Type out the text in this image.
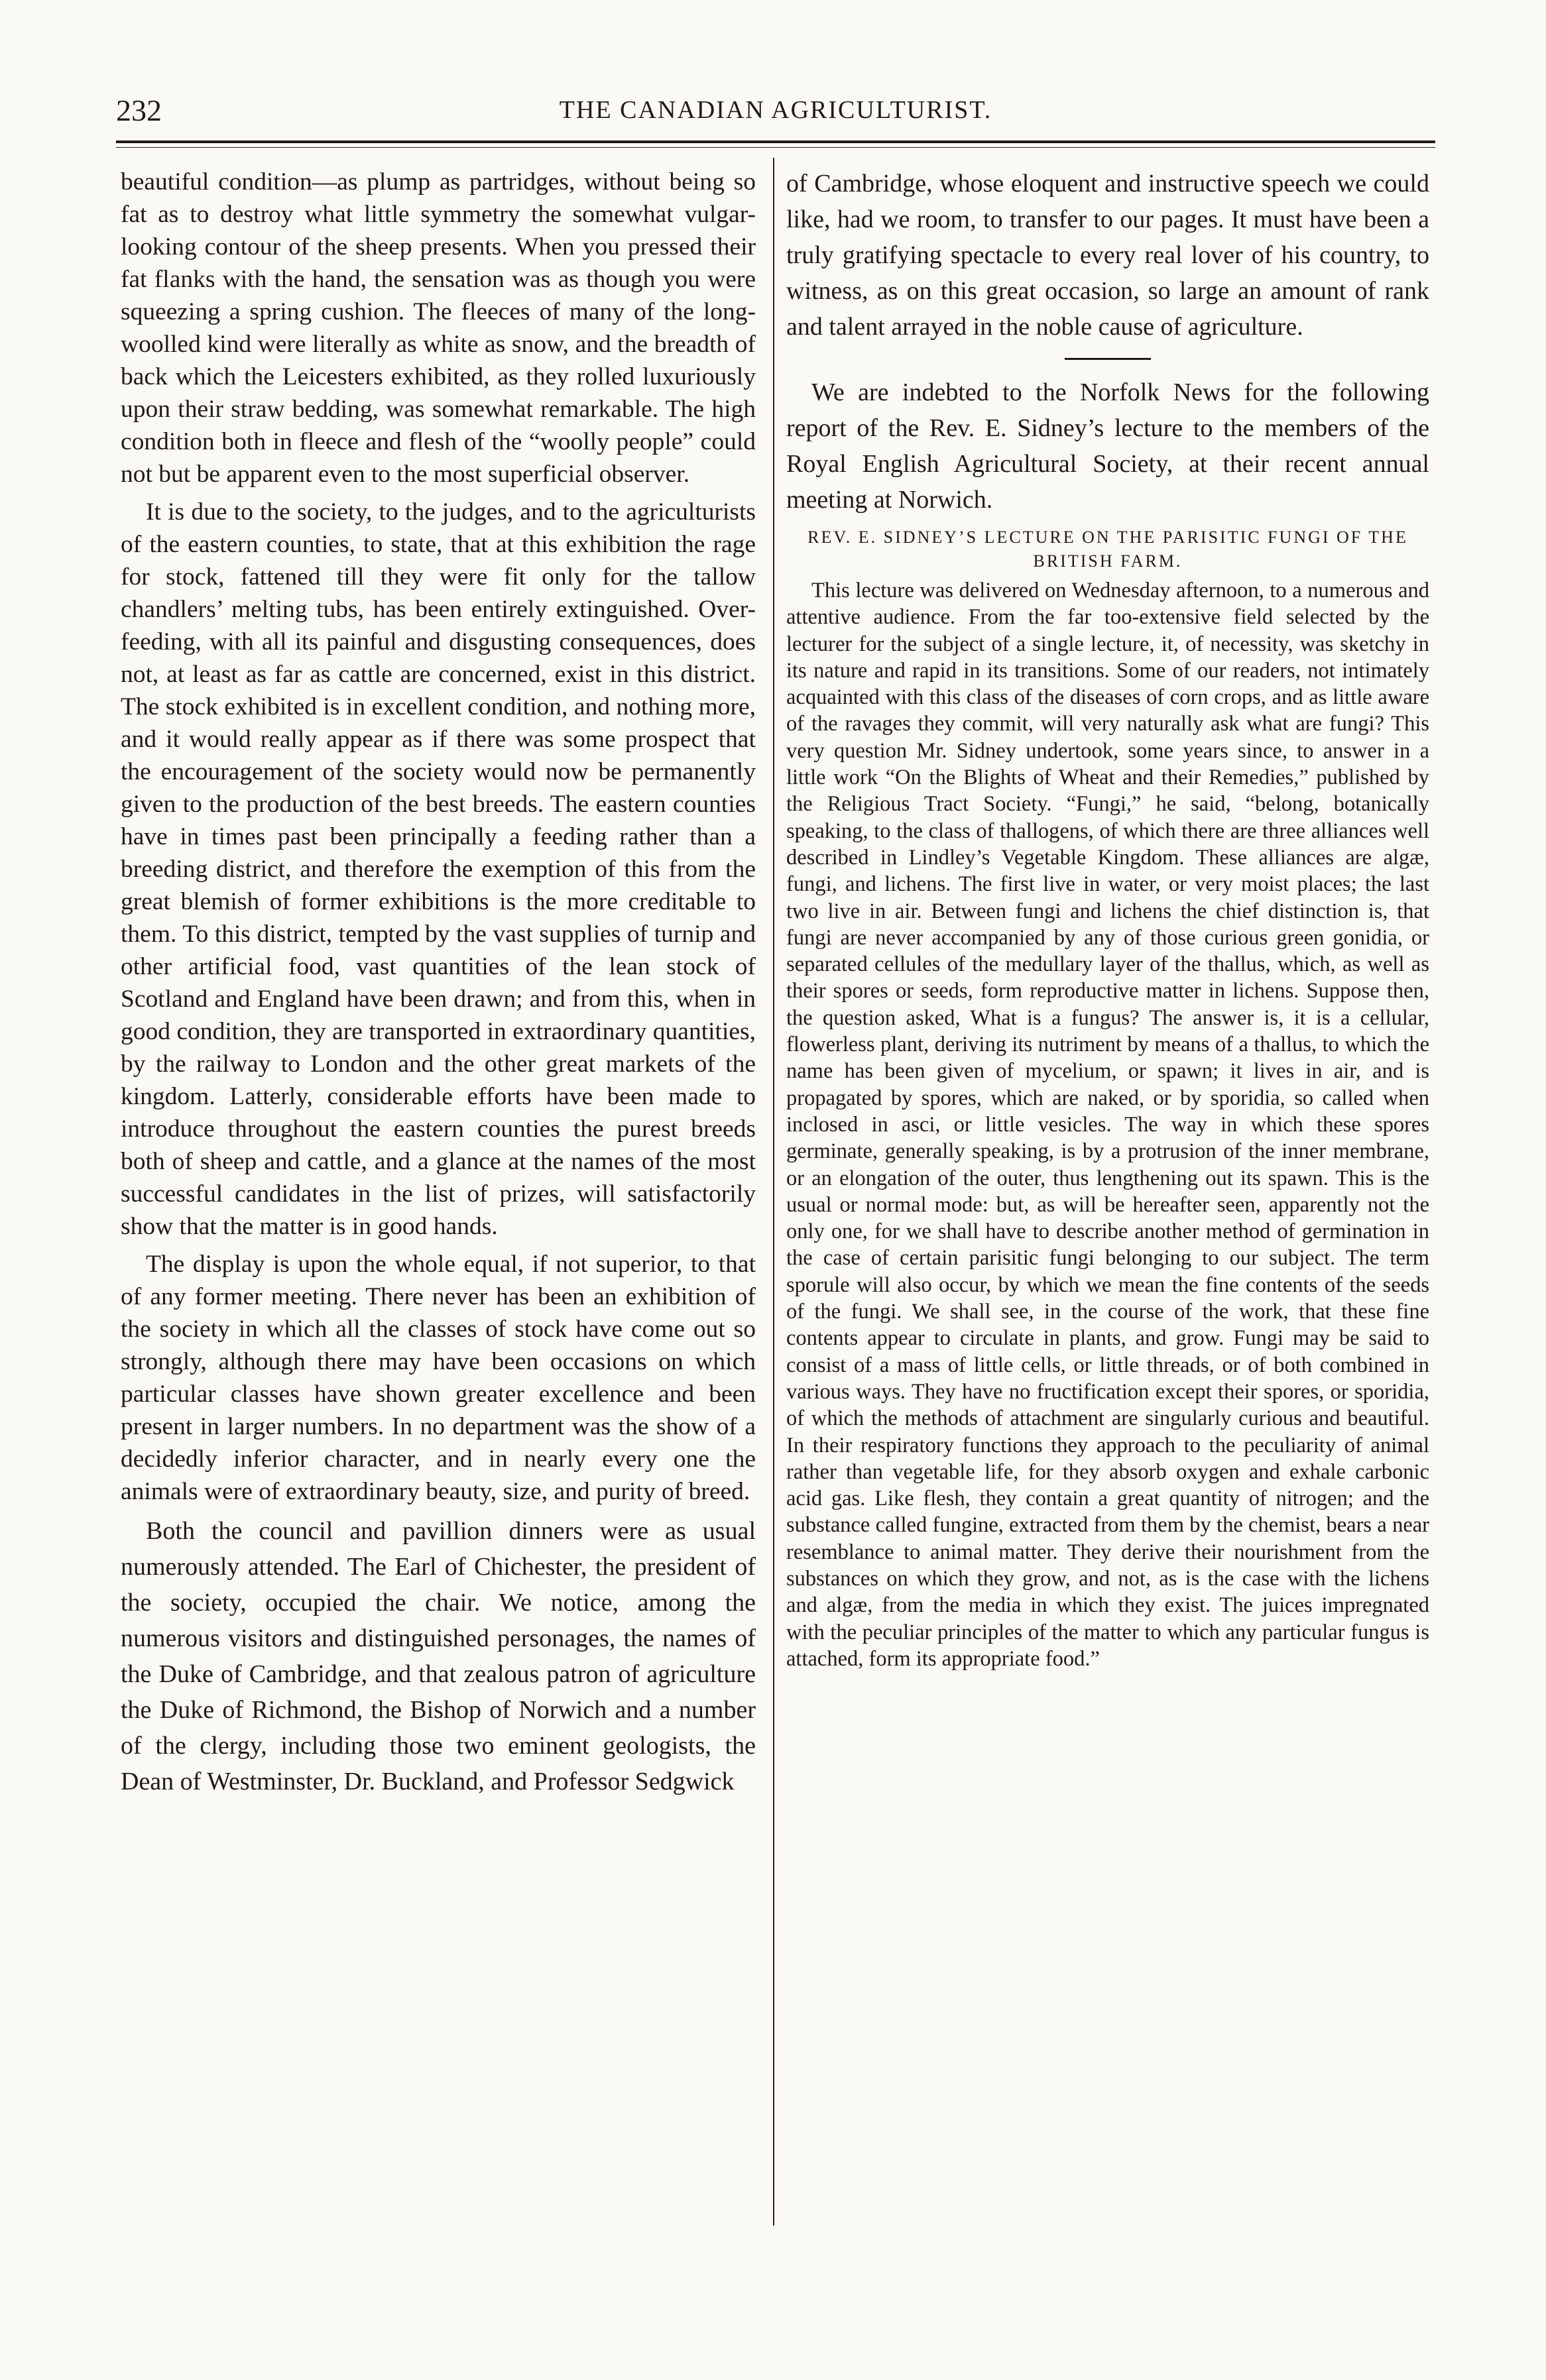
232	THE CANADIAN AGRICULTURIST.

beautiful condition—as plump as partridges, without being so fat as to destroy what little symmetry the somewhat vulgar-looking contour of the sheep presents. When you pressed their fat flanks with the hand, the sensation was as though you were squeezing a spring cushion. The fleeces of many of the long-woolled kind were literally as white as snow, and the breadth of back which the Leicesters exhibited, as they rolled luxuriously upon their straw bedding, was somewhat remarkable. The high condition both in fleece and flesh of the “woolly people” could not but be apparent even to the most superficial observer.

It is due to the society, to the judges, and to the agriculturists of the eastern counties, to state, that at this exhibition the rage for stock, fattened till they were fit only for the tallow chandlers’ melting tubs, has been entirely extinguished. Over-feeding, with all its painful and disgusting consequences, does not, at least as far as cattle are concerned, exist in this district. The stock exhibited is in excellent condition, and nothing more, and it would really appear as if there was some prospect that the encouragement of the society would now be permanently given to the production of the best breeds. The eastern counties have in times past been principally a feeding rather than a breeding district, and therefore the exemption of this from the great blemish of former exhibitions is the more creditable to them. To this district, tempted by the vast supplies of turnip and other artificial food, vast quantities of the lean stock of Scotland and England have been drawn; and from this, when in good condition, they are transported in extraordinary quantities, by the railway to London and the other great markets of the kingdom. Latterly, considerable efforts have been made to introduce throughout the eastern counties the purest breeds both of sheep and cattle, and a glance at the names of the most successful candidates in the list of prizes, will satisfactorily show that the matter is in good hands.

The display is upon the whole equal, if not superior, to that of any former meeting. There never has been an exhibition of the society in which all the classes of stock have come out so strongly, although there may have been occasions on which particular classes have shown greater excellence and been present in larger numbers. In no department was the show of a decidedly inferior character, and in nearly every one the animals were of extraordinary beauty, size, and purity of breed.

Both the council and pavillion dinners were as usual numerously attended. The Earl of Chichester, the president of the society, occupied the chair. We notice, among the numerous visitors and distinguished personages, the names of the Duke of Cambridge, and that zealous patron of agriculture the Duke of Richmond, the Bishop of Norwich and a number of the clergy, including those two eminent geologists, the Dean of Westminster, Dr. Buckland, and Professor Sedgwick

of Cambridge, whose eloquent and instructive speech we could like, had we room, to transfer to our pages. It must have been a truly gratifying spectacle to every real lover of his country, to witness, as on this great occasion, so large an amount of rank and talent arrayed in the noble cause of agriculture.

We are indebted to the Norfolk News for the following report of the Rev. E. Sidney’s lecture to the members of the Royal English Agricultural Society, at their recent annual meeting at Norwich.

REV. E. SIDNEY’S LECTURE ON THE PARISITIC FUNGI OF THE BRITISH FARM.

This lecture was delivered on Wednesday afternoon, to a numerous and attentive audience. From the far too-extensive field selected by the lecturer for the subject of a single lecture, it, of necessity, was sketchy in its nature and rapid in its transitions. Some of our readers, not intimately acquainted with this class of the diseases of corn crops, and as little aware of the ravages they commit, will very naturally ask what are fungi? This very question Mr. Sidney undertook, some years since, to answer in a little work “On the Blights of Wheat and their Remedies,” published by the Religious Tract Society. “Fungi,” he said, “belong, botanically speaking, to the class of thallogens, of which there are three alliances well described in Lindley’s Vegetable Kingdom. These alliances are algæ, fungi, and lichens. The first live in water, or very moist places; the last two live in air. Between fungi and lichens the chief distinction is, that fungi are never accompanied by any of those curious green gonidia, or separated cellules of the medullary layer of the thallus, which, as well as their spores or seeds, form reproductive matter in lichens. Suppose then, the question asked, What is a fungus? The answer is, it is a cellular, flowerless plant, deriving its nutriment by means of a thallus, to which the name has been given of mycelium, or spawn; it lives in air, and is propagated by spores, which are naked, or by sporidia, so called when inclosed in asci, or little vesicles. The way in which these spores germinate, generally speaking, is by a protrusion of the inner membrane, or an elongation of the outer, thus lengthening out its spawn. This is the usual or normal mode: but, as will be hereafter seen, apparently not the only one, for we shall have to describe another method of germination in the case of certain parisitic fungi belonging to our subject. The term sporule will also occur, by which we mean the fine contents of the seeds of the fungi. We shall see, in the course of the work, that these fine contents appear to circulate in plants, and grow. Fungi may be said to consist of a mass of little cells, or little threads, or of both combined in various ways. They have no fructification except their spores, or sporidia, of which the methods of attachment are singularly curious and beautiful. In their respiratory functions they approach to the peculiarity of animal rather than vegetable life, for they absorb oxygen and exhale carbonic acid gas. Like flesh, they contain a great quantity of nitrogen; and the substance called fungine, extracted from them by the chemist, bears a near resemblance to animal matter. They derive their nourishment from the substances on which they grow, and not, as is the case with the lichens and algæ, from the media in which they exist. The juices impregnated with the peculiar principles of the matter to which any particular fungus is attached, form its appropriate food.”
